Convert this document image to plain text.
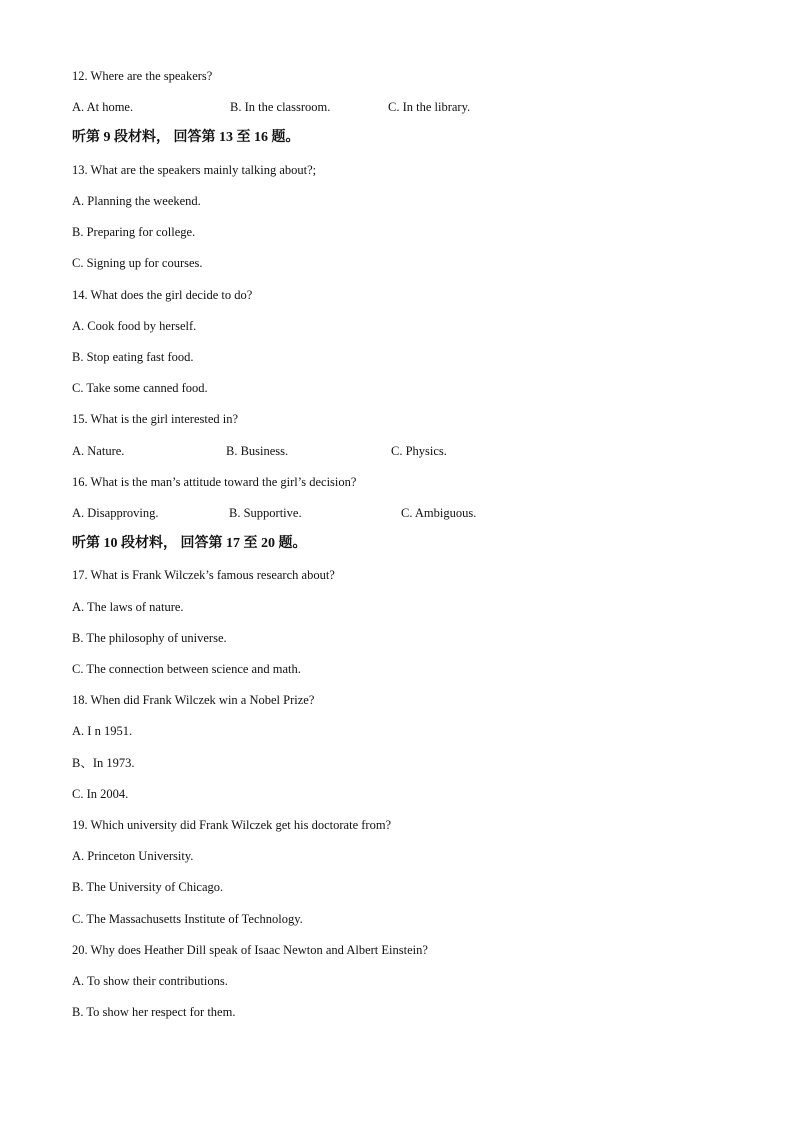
12. Where are the speakers?
A. At home.	B. In the classroom.	C. In the library.
听第 9 段材料， 回答第 13 至 16 题。
13. What are the speakers mainly talking about?;
A. Planning the weekend.
B. Preparing for college.
C. Signing up for courses.
14. What does the girl decide to do?
A. Cook food by herself.
B. Stop eating fast food.
C. Take some canned food.
15. What is the girl interested in?
A. Nature.	B. Business.	C. Physics.
16. What is the man’s attitude toward the girl’s decision?
A. Disapproving.	B. Supportive.	C. Ambiguous.
听第 10 段材料， 回答第 17 至 20 题。
17. What is Frank Wilczek’s famous research about?
A. The laws of nature.
B. The philosophy of universe.
C. The connection between science and math.
18. When did Frank Wilczek win a Nobel Prize?
A. I n 1951.
B、In 1973.
C. In 2004.
19. Which university did Frank Wilczek get his doctorate from?
A. Princeton University.
B. The University of Chicago.
C. The Massachusetts Institute of Technology.
20. Why does Heather Dill speak of Isaac Newton and Albert Einstein?
A. To show their contributions.
B. To show her respect for them.
